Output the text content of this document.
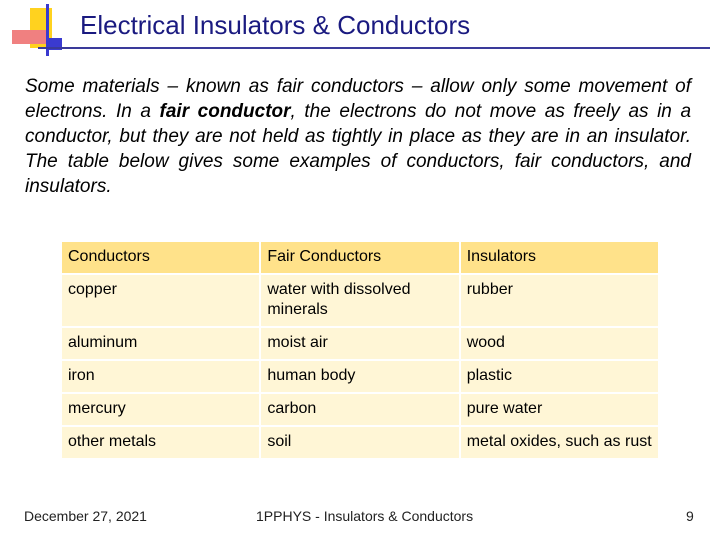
Electrical Insulators & Conductors
Some materials – known as fair conductors – allow only some movement of electrons. In a fair conductor, the electrons do not move as freely as in a conductor, but they are not held as tightly in place as they are in an insulator. The table below gives some examples of conductors, fair conductors, and insulators.
Conductors	Fair Conductors	Insulators
copper	water with dissolved minerals	rubber
aluminum	moist air	wood
iron	human body	plastic
mercury	carbon	pure water
other metals	soil	metal oxides, such as rust
December 27, 2021	1PPHYS - Insulators & Conductors	9
